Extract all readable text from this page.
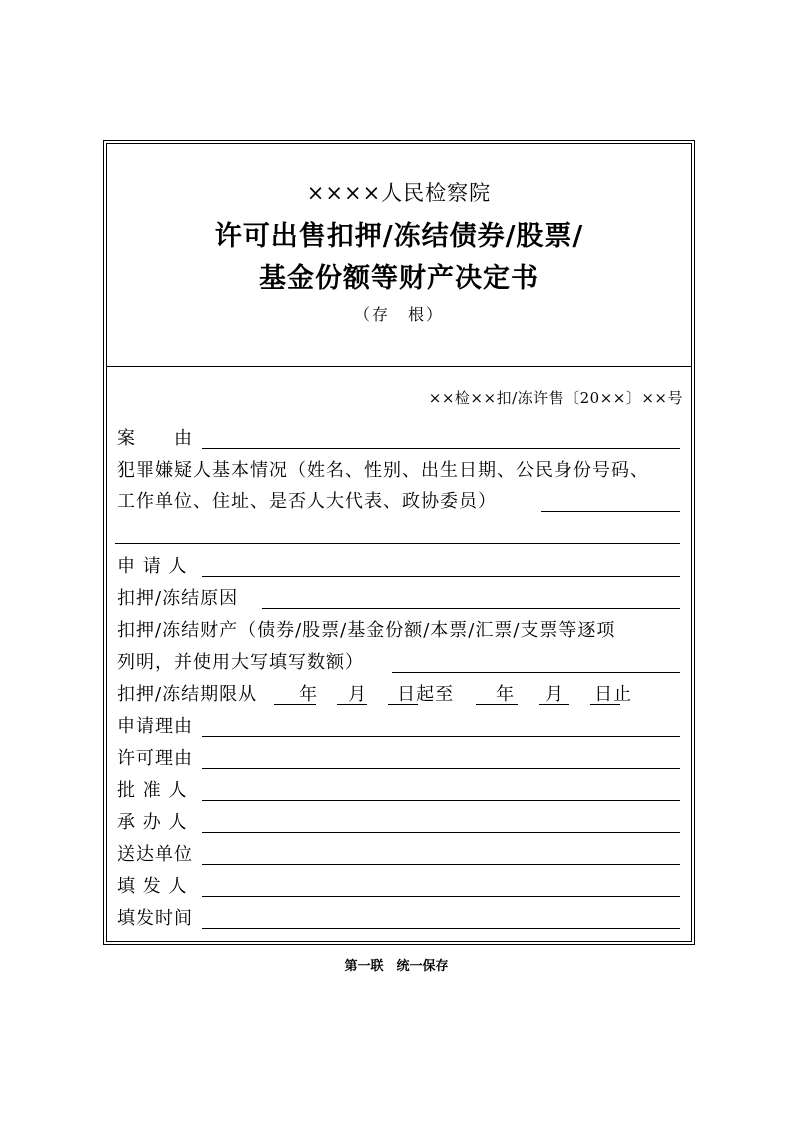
××××人民检察院
许可出售扣押/冻结债券/股票/
基金份额等财产决定书
（存　根）
××检××扣/冻许售〔20××〕××号
案　　由
犯罪嫌疑人基本情况（姓名、性别、出生日期、公民身份号码、
工作单位、住址、是否人大代表、政协委员）
申 请 人
扣押/冻结原因
扣押/冻结财产（债券/股票/基金份额/本票/汇票/支票等逐项
列明，并使用大写填写数额）
扣押/冻结期限从 年 月 日起至 年 月 日止
申请理由
许可理由
批 准 人
承 办 人
送达单位
填 发 人
填发时间
第一联　统一保存
